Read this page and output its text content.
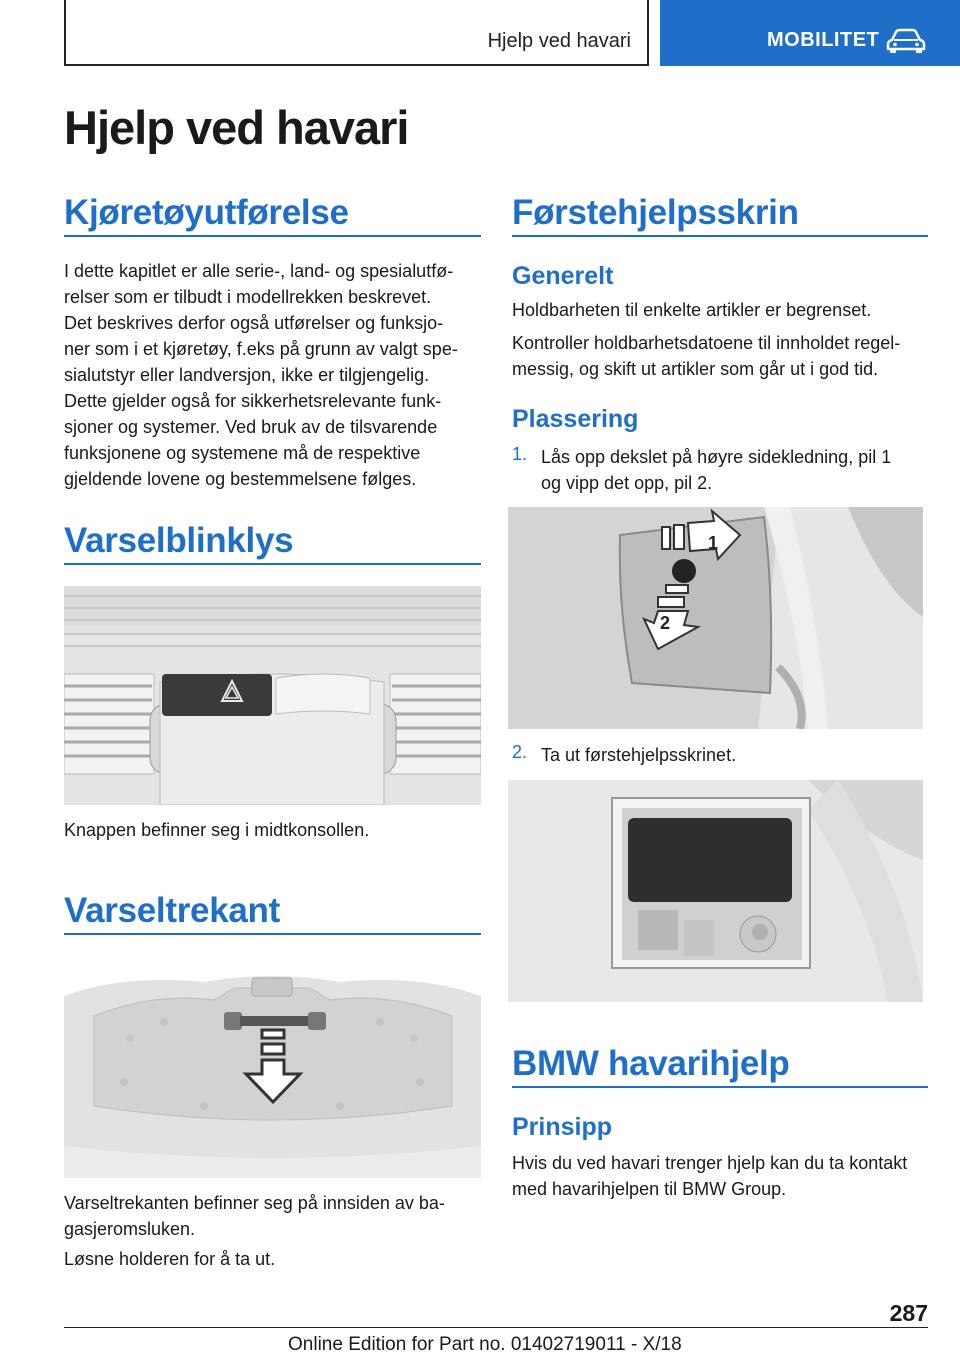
Hjelp ved havari	MOBILITET
Hjelp ved havari
Kjøretøyutførelse
I dette kapitlet er alle serie-, land- og spesialutfø-
relser som er tilbudt i modellrekken beskrevet.
Det beskrives derfor også utførelser og funksjo-
ner som i et kjøretøy, f.eks på grunn av valgt spe-
sialutstyr eller landversjon, ikke er tilgjengelig.
Dette gjelder også for sikkerhetsrelevante funk-
sjoner og systemer. Ved bruk av de tilsvarende
funksjonene og systemene må de respektive
gjeldende lovene og bestemmelsene følges.
Varselblinklys
Knappen befinner seg i midtkonsollen.
Varseltrekant
Varseltrekanten befinner seg på innsiden av ba-
gasjeromsluken.
Løsne holderen for å ta ut.
Førstehjelpsskrin
Generelt
Holdbarheten til enkelte artikler er begrenset.
Kontroller holdbarhetsdatoene til innholdet regel-
messig, og skift ut artikler som går ut i god tid.
Plassering
1. Lås opp dekslet på høyre sidekledning, pil 1
og vipp det opp, pil 2.
1
2
2. Ta ut førstehjelpsskrinet.
BMW havarihjelp
Prinsipp
Hvis du ved havari trenger hjelp kan du ta kontakt
med havarihjelpen til BMW Group.
287
Online Edition for Part no. 01402719011 - X/18
